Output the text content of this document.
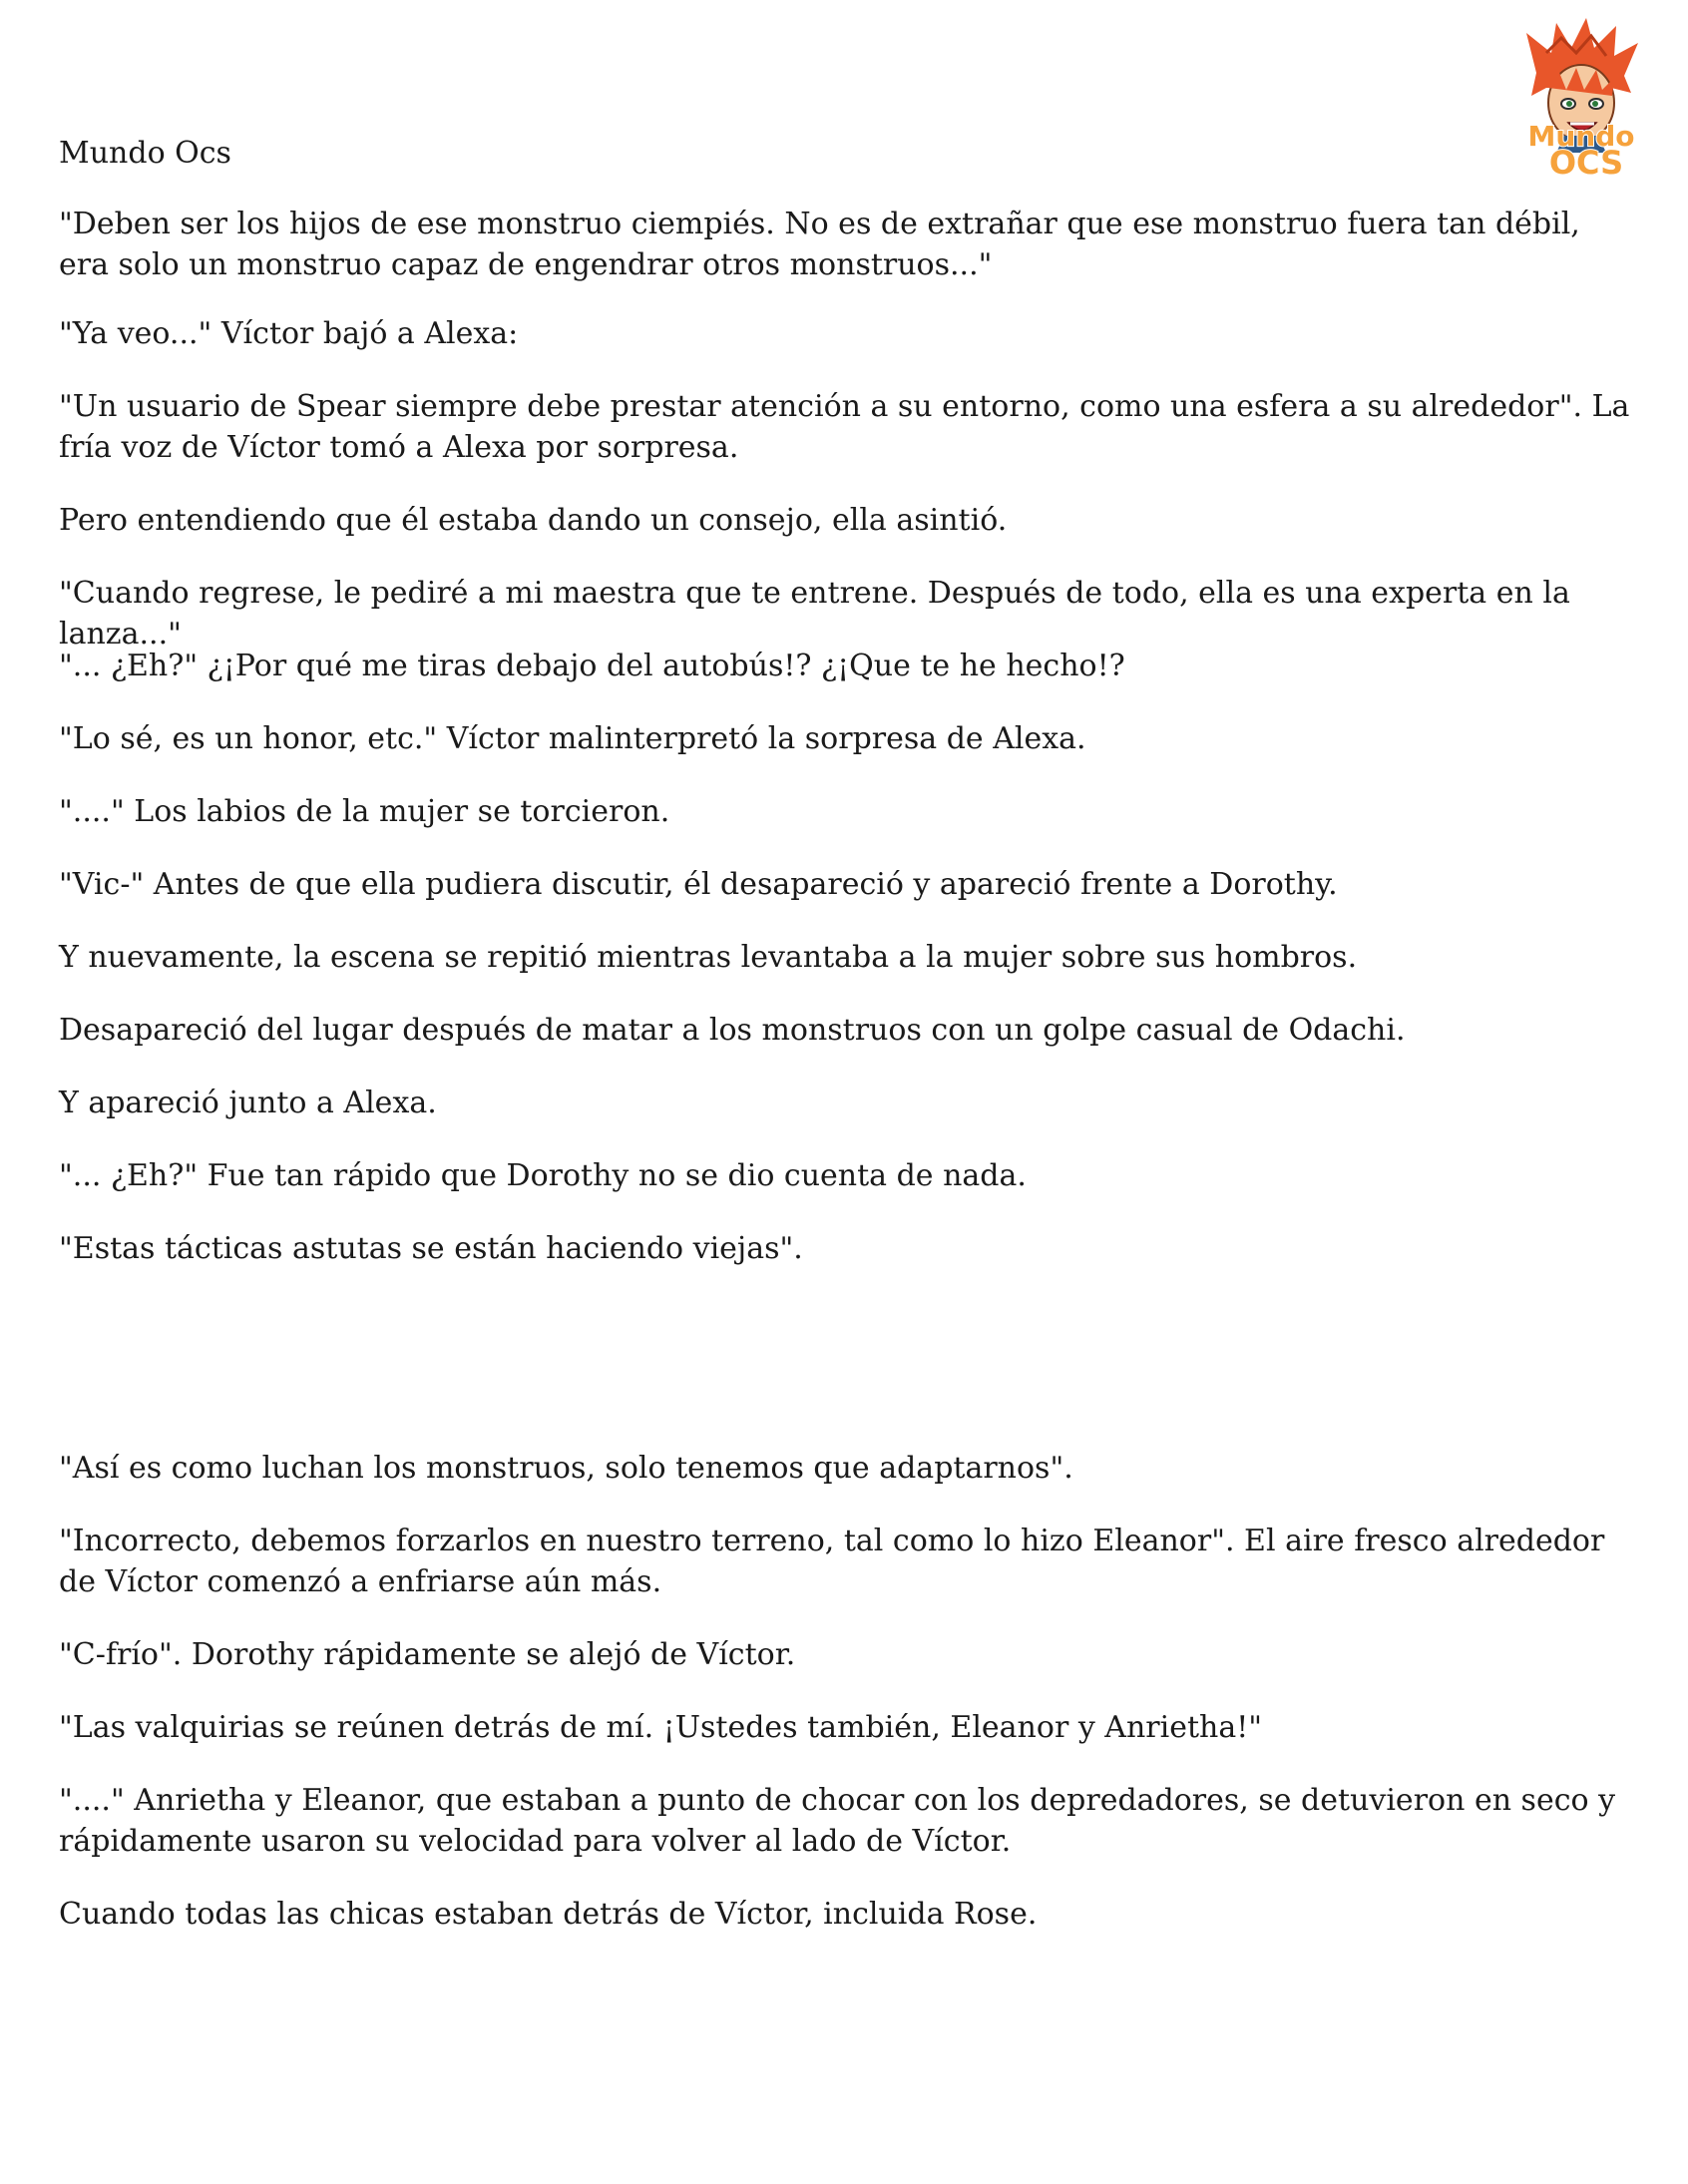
Mundo Ocs	Mundo
OCS

"Deben ser los hijos de ese monstruo ciempiés. No es de extrañar que ese monstruo fuera tan débil, era solo un monstruo capaz de engendrar otros monstruos..."

"Ya veo..." Víctor bajó a Alexa:

"Un usuario de Spear siempre debe prestar atención a su entorno, como una esfera a su alrededor". La fría voz de Víctor tomó a Alexa por sorpresa.

Pero entendiendo que él estaba dando un consejo, ella asintió.

"Cuando regrese, le pediré a mi maestra que te entrene. Después de todo, ella es una experta en la lanza..."

"... ¿Eh?" ¿¡Por qué me tiras debajo del autobús!? ¿¡Que te he hecho!?

"Lo sé, es un honor, etc." Víctor malinterpretó la sorpresa de Alexa.

"...." Los labios de la mujer se torcieron.

"Vic-" Antes de que ella pudiera discutir, él desapareció y apareció frente a Dorothy.

Y nuevamente, la escena se repitió mientras levantaba a la mujer sobre sus hombros.

Desapareció del lugar después de matar a los monstruos con un golpe casual de Odachi.

Y apareció junto a Alexa.

"... ¿Eh?" Fue tan rápido que Dorothy no se dio cuenta de nada.

"Estas tácticas astutas se están haciendo viejas".

"Así es como luchan los monstruos, solo tenemos que adaptarnos".

"Incorrecto, debemos forzarlos en nuestro terreno, tal como lo hizo Eleanor". El aire fresco alrededor de Víctor comenzó a enfriarse aún más.

"C-frío". Dorothy rápidamente se alejó de Víctor.

"Las valquirias se reúnen detrás de mí. ¡Ustedes también, Eleanor y Anrietha!"

"...." Anrietha y Eleanor, que estaban a punto de chocar con los depredadores, se detuvieron en seco y rápidamente usaron su velocidad para volver al lado de Víctor.

Cuando todas las chicas estaban detrás de Víctor, incluida Rose.
